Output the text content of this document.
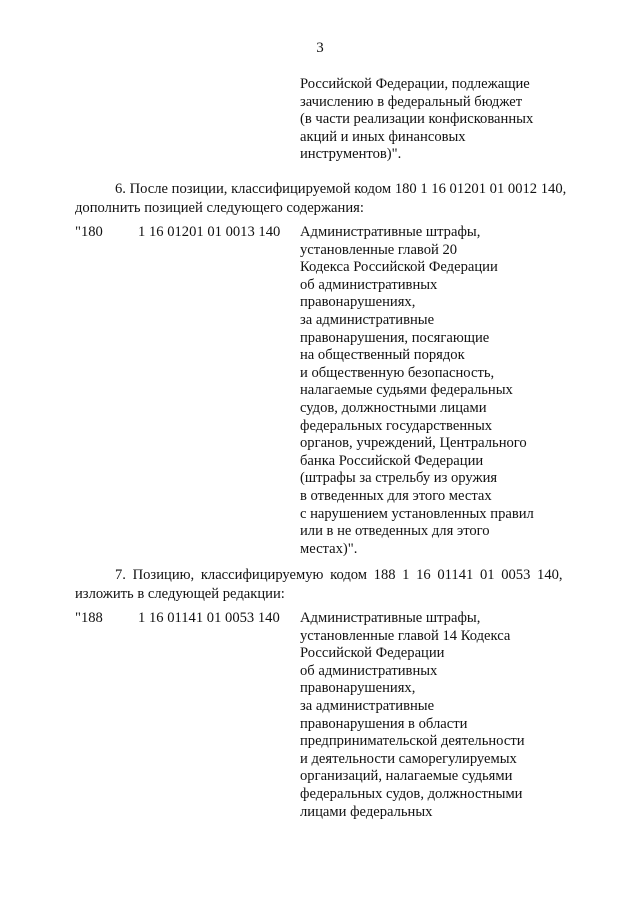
3
Российской Федерации, подлежащие
зачислению в федеральный бюджет
(в части реализации конфискованных
акций и иных финансовых
инструментов)".
6. После позиции, классифицируемой кодом 180 1 16 01201 01 0012 140,
дополнить позицией следующего содержания:
"180 1 16 01201 01 0013 140 Административные штрафы,
установленные главой 20
Кодекса Российской Федерации
об административных
правонарушениях,
за административные
правонарушения, посягающие
на общественный порядок
и общественную безопасность,
налагаемые судьями федеральных
судов, должностными лицами
федеральных государственных
органов, учреждений, Центрального
банка Российской Федерации
(штрафы за стрельбу из оружия
в отведенных для этого местах
с нарушением установленных правил
или в не отведенных для этого
местах)".
7. Позицию, классифицируемую кодом 188 1 16 01141 01 0053 140,
изложить в следующей редакции:
"188 1 16 01141 01 0053 140 Административные штрафы,
установленные главой 14 Кодекса
Российской Федерации
об административных
правонарушениях,
за административные
правонарушения в области
предпринимательской деятельности
и деятельности саморегулируемых
организаций, налагаемые судьями
федеральных судов, должностными
лицами федеральных
